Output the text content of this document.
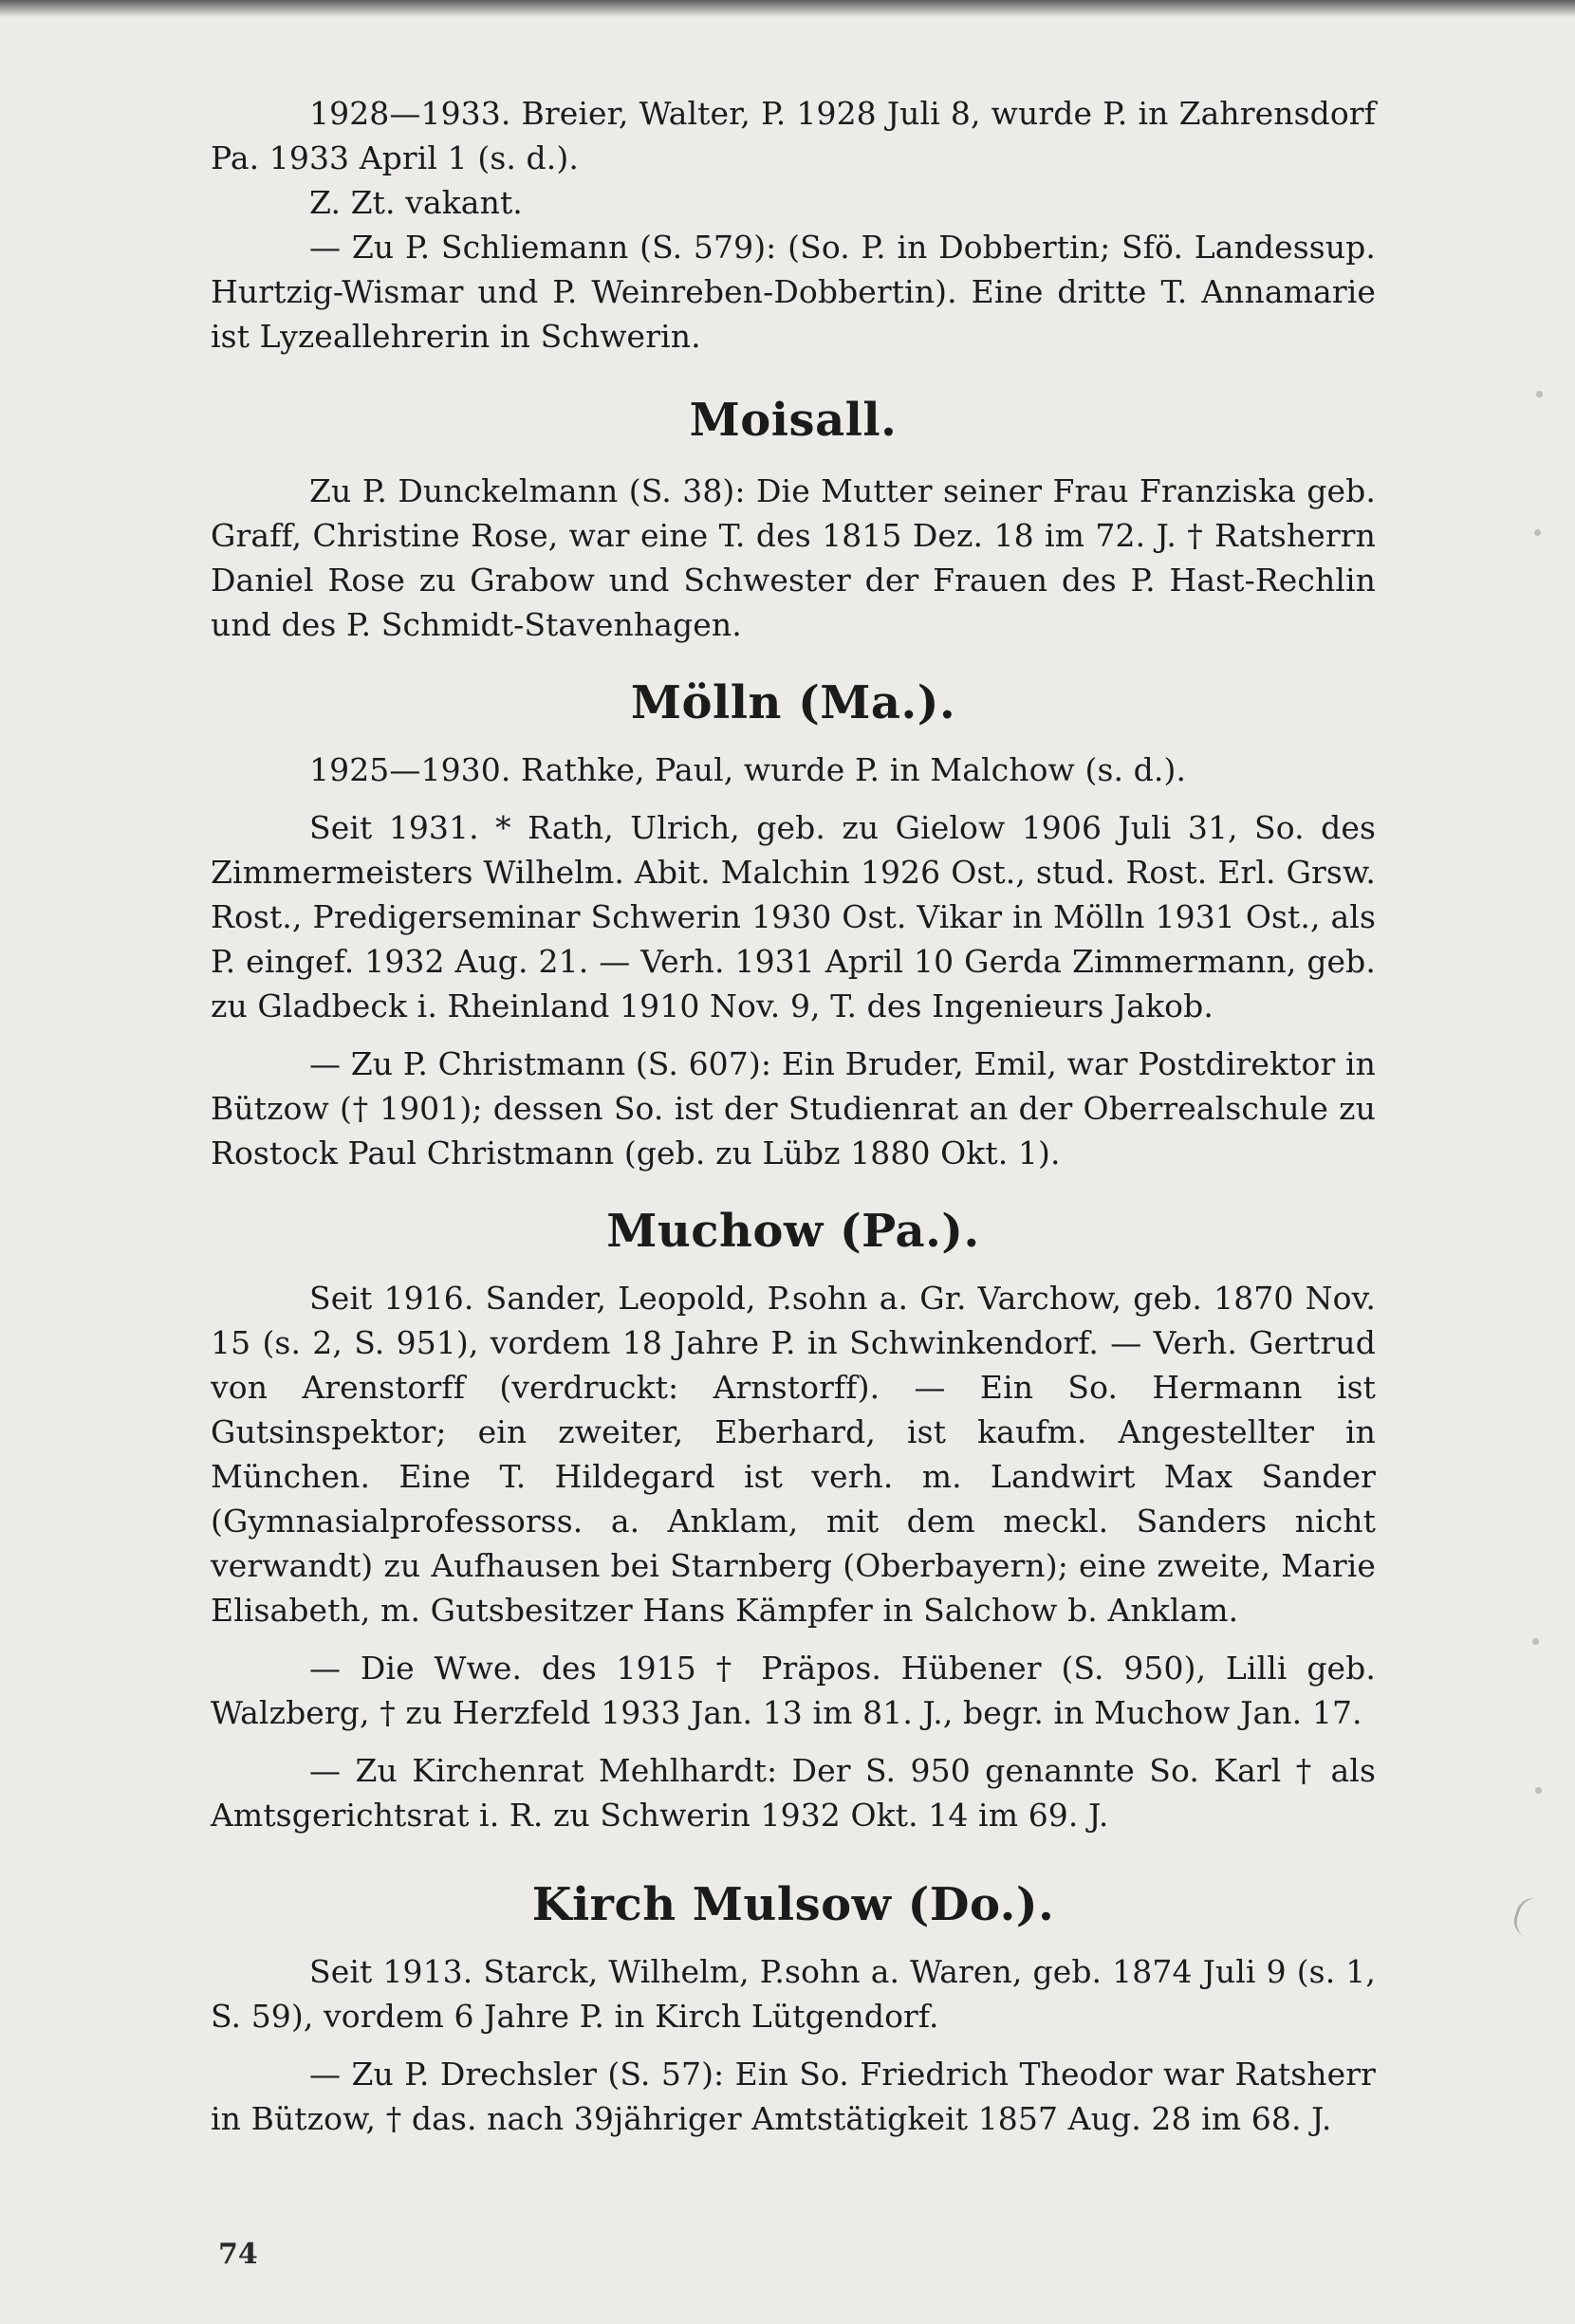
1928—1933. Breier, Walter, P. 1928 Juli 8, wurde P. in Zahrensdorf Pa. 1933 April 1 (s. d.).

Z. Zt. vakant.

— Zu P. Schliemann (S. 579): (So. P. in Dobbertin; Sfö. Landessup. Hurtzig-Wismar und P. Weinreben-Dobbertin). Eine dritte T. Annamarie ist Lyzeallehrerin in Schwerin.

Moisall.

Zu P. Dunckelmann (S. 38): Die Mutter seiner Frau Franziska geb. Graff, Christine Rose, war eine T. des 1815 Dez. 18 im 72. J. † Ratsherrn Daniel Rose zu Grabow und Schwester der Frauen des P. Hast-Rechlin und des P. Schmidt-Stavenhagen.

Mölln (Ma.).

1925—1930. Rathke, Paul, wurde P. in Malchow (s. d.).

Seit 1931. * Rath, Ulrich, geb. zu Gielow 1906 Juli 31, So. des Zimmermeisters Wilhelm. Abit. Malchin 1926 Ost., stud. Rost. Erl. Grsw. Rost., Predigerseminar Schwerin 1930 Ost. Vikar in Mölln 1931 Ost., als P. eingef. 1932 Aug. 21. — Verh. 1931 April 10 Gerda Zimmermann, geb. zu Gladbeck i. Rheinland 1910 Nov. 9, T. des Ingenieurs Jakob.

— Zu P. Christmann (S. 607): Ein Bruder, Emil, war Postdirektor in Bützow († 1901); dessen So. ist der Studienrat an der Oberrealschule zu Rostock Paul Christmann (geb. zu Lübz 1880 Okt. 1).

Muchow (Pa.).

Seit 1916. Sander, Leopold, P.sohn a. Gr. Varchow, geb. 1870 Nov. 15 (s. 2, S. 951), vordem 18 Jahre P. in Schwinkendorf. — Verh. Gertrud von Arenstorff (verdruckt: Arnstorff). — Ein So. Hermann ist Gutsinspektor; ein zweiter, Eberhard, ist kaufm. Angestellter in München. Eine T. Hildegard ist verh. m. Landwirt Max Sander (Gymnasialprofessorss. a. Anklam, mit dem meckl. Sanders nicht verwandt) zu Aufhausen bei Starnberg (Oberbayern); eine zweite, Marie Elisabeth, m. Gutsbesitzer Hans Kämpfer in Salchow b. Anklam.

— Die Wwe. des 1915 † Präpos. Hübener (S. 950), Lilli geb. Walzberg, † zu Herzfeld 1933 Jan. 13 im 81. J., begr. in Muchow Jan. 17.

— Zu Kirchenrat Mehlhardt: Der S. 950 genannte So. Karl † als Amtsgerichtsrat i. R. zu Schwerin 1932 Okt. 14 im 69. J.

Kirch Mulsow (Do.).

Seit 1913. Starck, Wilhelm, P.sohn a. Waren, geb. 1874 Juli 9 (s. 1, S. 59), vordem 6 Jahre P. in Kirch Lütgendorf.

— Zu P. Drechsler (S. 57): Ein So. Friedrich Theodor war Ratsherr in Bützow, † das. nach 39jähriger Amtstätigkeit 1857 Aug. 28 im 68. J.

74
